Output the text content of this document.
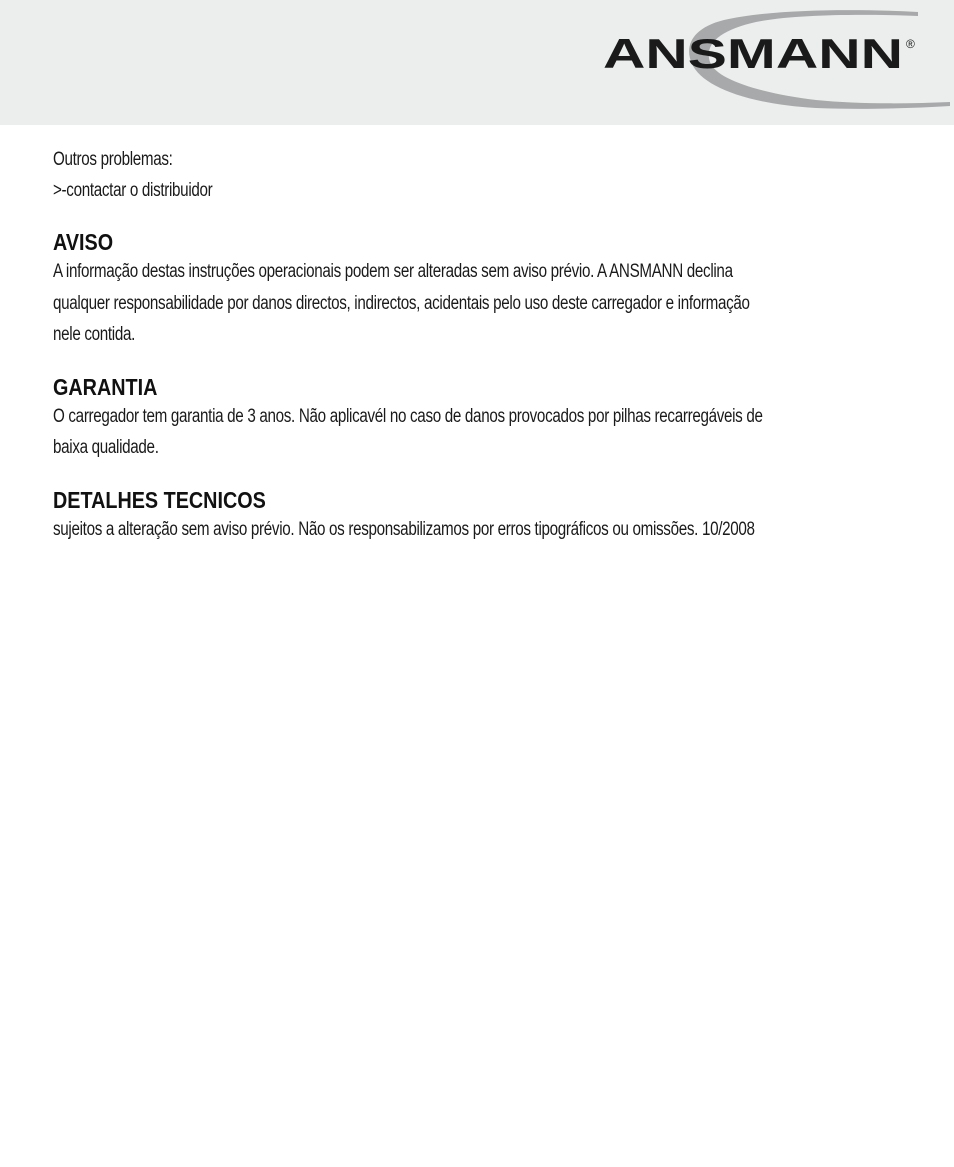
ANSMANN ®
Outros problemas:
>-contactar o distribuidor
AVISO
A informação destas instruções operacionais podem ser alteradas sem aviso prévio. A ANSMANN declina
qualquer responsabilidade por danos directos, indirectos, acidentais pelo uso deste carregador e informação
nele contida.
GARANTIA
O carregador tem garantia de 3 anos. Não aplicavél no caso de danos provocados por pilhas recarregáveis de
baixa qualidade.
DETALHES TECNICOS
sujeitos a alteração sem aviso prévio. Não os responsabilizamos por erros tipográficos ou omissões. 10/2008
